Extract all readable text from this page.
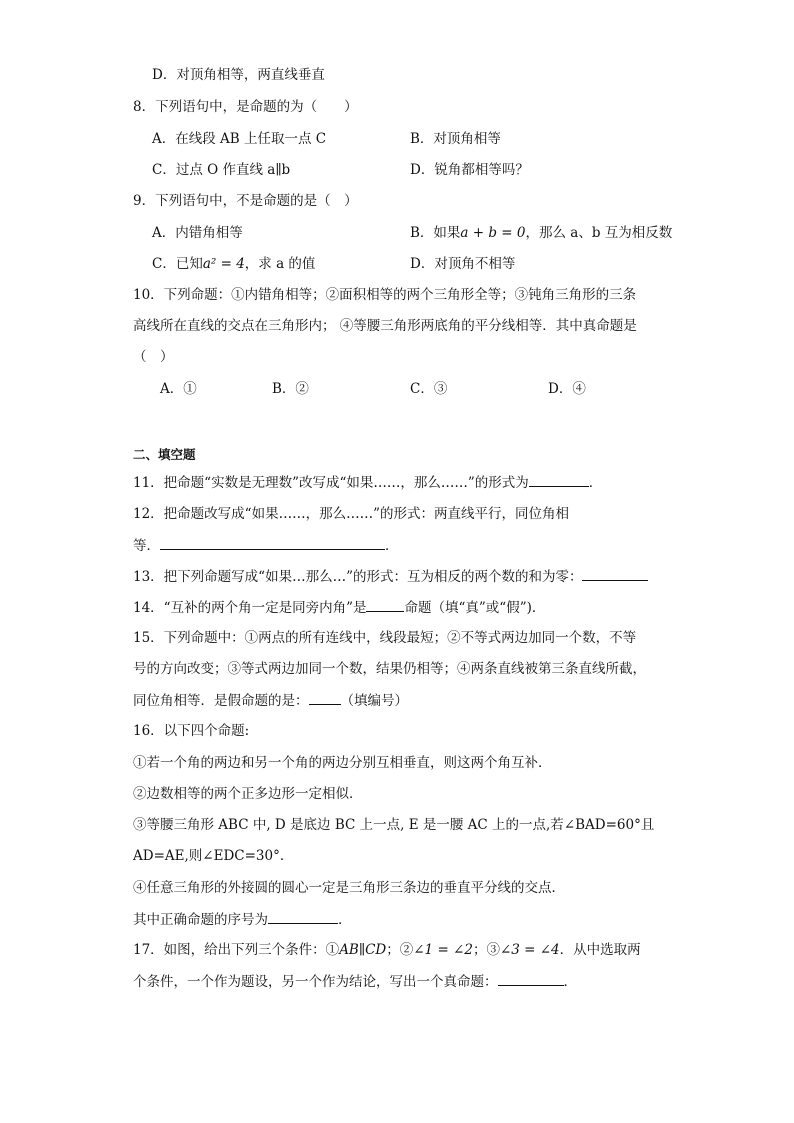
D．对顶角相等，两直线垂直
8．下列语句中，是命题的为（　　）
A．在线段 AB 上任取一点 C	B．对顶角相等
C．过点 O 作直线 a∥b	D．锐角都相等吗？
9．下列语句中，不是命题的是（　）
A．内错角相等	B．如果a + b = 0，那么 a、b 互为相反数
C．已知a² = 4，求 a 的值	D．对顶角不相等
10．下列命题：①内错角相等；②面积相等的两个三角形全等；③钝角三角形的三条
高线所在直线的交点在三角形内； ④等腰三角形两底角的平分线相等．其中真命题是
（　）
A．①	B．②	C．③	D．④
二、填空题
11．把命题“实数是无理数”改写成“如果……，那么……”的形式为	．
12．把命题改写成“如果……，那么……”的形式：两直线平行，同位角相
等．	．
13．把下列命题写成“如果…那么…”的形式：互为相反的两个数的和为零：
14．“互补的两个角一定是同旁内角”是	命题（填“真”或“假”)．
15．下列命题中：①两点的所有连线中，线段最短；②不等式两边加同一个数，不等
号的方向改变；③等式两边加同一个数，结果仍相等；④两条直线被第三条直线所截，
同位角相等．是假命题的是： （填编号）
16．以下四个命题:
①若一个角的两边和另一个角的两边分别互相垂直，则这两个角互补．
②边数相等的两个正多边形一定相似．
③等腰三角形 ABC 中, D 是底边 BC 上一点, E 是一腰 AC 上的一点,若∠BAD=60°且
AD=AE,则∠EDC=30°．
④任意三角形的外接圆的圆心一定是三角形三条边的垂直平分线的交点．
其中正确命题的序号为	．
17．如图，给出下列三个条件：①AB∥CD；②∠1 = ∠2；③∠3 = ∠4．从中选取两
个条件，一个作为题设，另一个作为结论，写出一个真命题：	．
